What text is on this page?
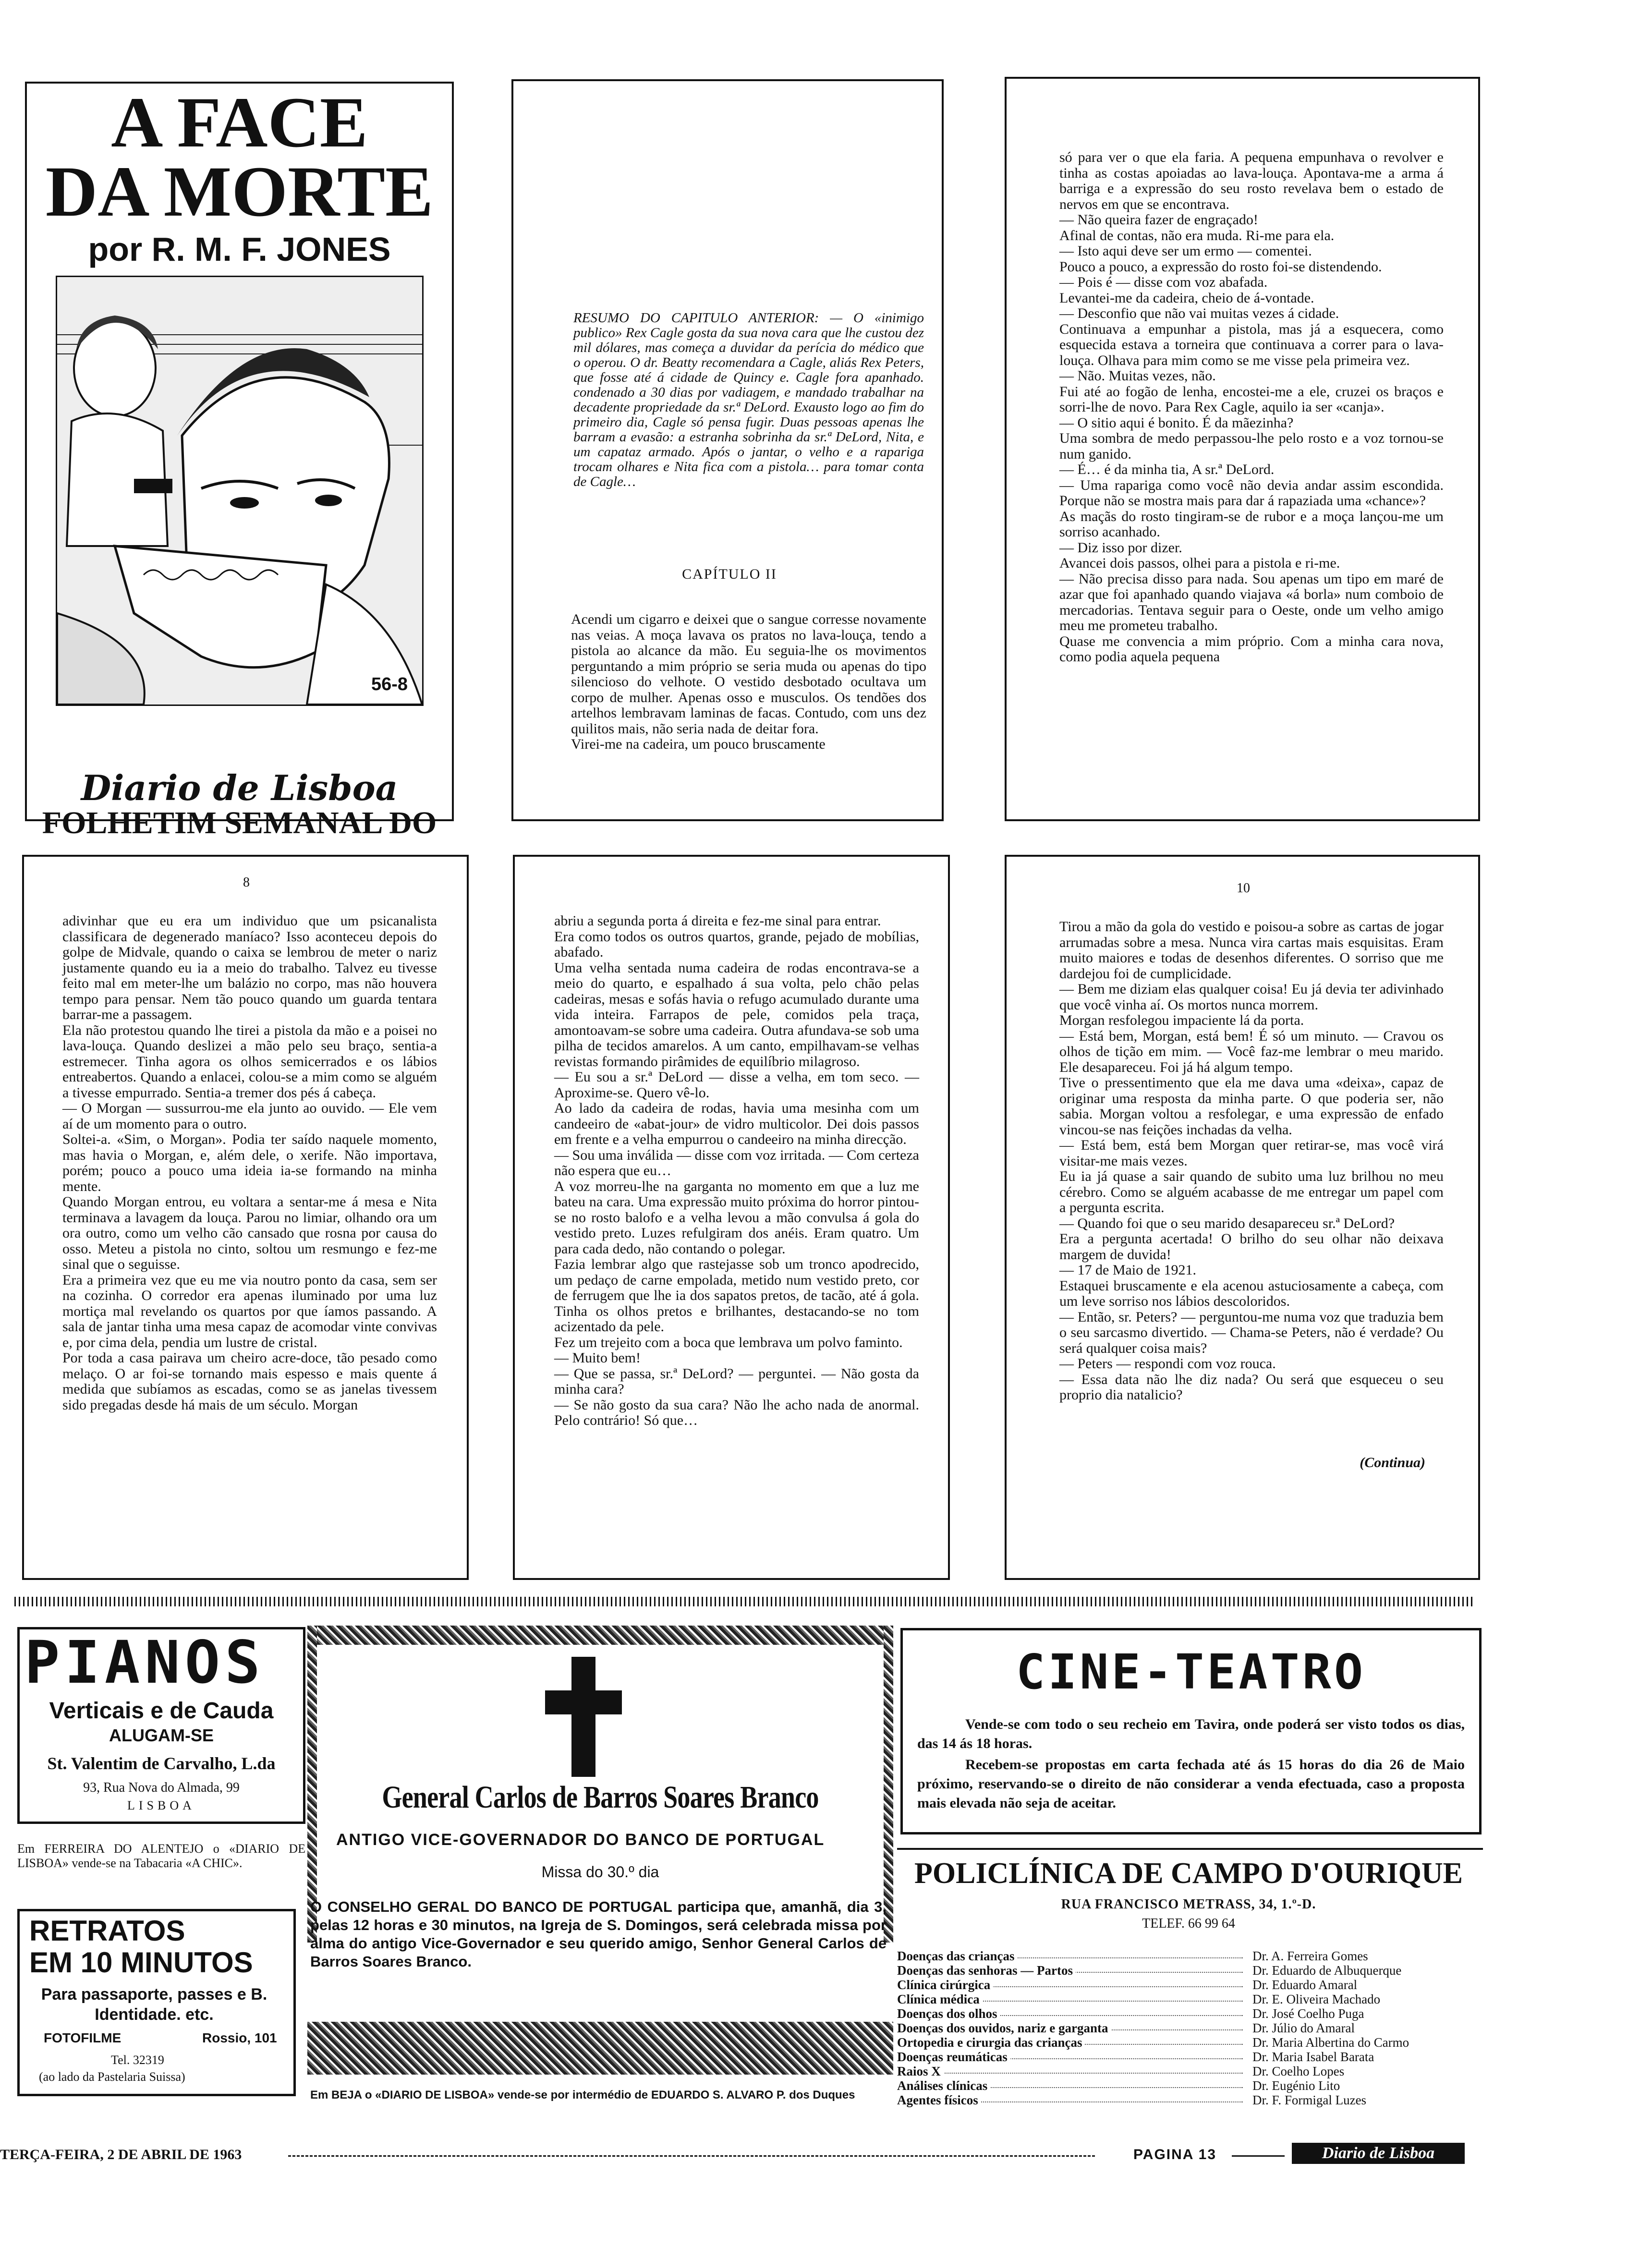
A FACE
DA MORTE
por R. M. F. JONES
56-8
FOLHETIM SEMANAL DO
Diario de Lisboa
RESUMO DO CAPITULO ANTERIOR: — O «inimigo publico» Rex Cagle gosta da sua nova cara que lhe custou dez mil dólares, mas começa a duvidar da perícia do médico que o operou. O dr. Beatty recomendara a Cagle, aliás Rex Peters, que fosse até á cidade de Quincy e. Cagle fora apanhado. condenado a 30 dias por vadiagem, e mandado trabalhar na decadente propriedade da sr.ª DeLord. Exausto logo ao fim do primeiro dia, Cagle só pensa fugir. Duas pessoas apenas lhe barram a evasão: a estranha sobrinha da sr.ª DeLord, Nita, e um capataz armado. Após o jantar, o velho e a rapariga trocam olhares e Nita fica com a pistola… para tomar conta de Cagle…
CAPÍTULO II
Acendi um cigarro e deixei que o sangue corresse novamente nas veias. A moça lavava os pratos no lava-louça, tendo a pistola ao alcance da mão. Eu seguia-lhe os movimentos perguntando a mim próprio se seria muda ou apenas do tipo silencioso do velhote. O vestido desbotado ocultava um corpo de mulher. Apenas osso e musculos. Os tendões dos artelhos lembravam laminas de facas. Contudo, com uns dez quilitos mais, não seria nada de deitar fora.
Virei-me na cadeira, um pouco bruscamente
só para ver o que ela faria. A pequena empunhava o revolver e tinha as costas apoiadas ao lava-louça. Apontava-me a arma á barriga e a expressão do seu rosto revelava bem o estado de nervos em que se encontrava.
— Não queira fazer de engraçado!
Afinal de contas, não era muda. Ri-me para ela.
— Isto aqui deve ser um ermo — comentei.
Pouco a pouco, a expressão do rosto foi-se distendendo.
— Pois é — disse com voz abafada.
Levantei-me da cadeira, cheio de á-vontade.
— Desconfio que não vai muitas vezes á cidade.
Continuava a empunhar a pistola, mas já a esquecera, como esquecida estava a torneira que continuava a correr para o lava-louça. Olhava para mim como se me visse pela primeira vez.
— Não. Muitas vezes, não.
Fui até ao fogão de lenha, encostei-me a ele, cruzei os braços e sorri-lhe de novo. Para Rex Cagle, aquilo ia ser «canja».
— O sitio aqui é bonito. É da mãezinha?
Uma sombra de medo perpassou-lhe pelo rosto e a voz tornou-se num ganido.
— É… é da minha tia, A sr.ª DeLord.
— Uma rapariga como você não devia andar assim escondida. Porque não se mostra mais para dar á rapaziada uma «chance»?
As maçãs do rosto tingiram-se de rubor e a moça lançou-me um sorriso acanhado.
— Diz isso por dizer.
Avancei dois passos, olhei para a pistola e ri-me.
— Não precisa disso para nada. Sou apenas um tipo em maré de azar que foi apanhado quando viajava «á borla» num comboio de mercadorias. Tentava seguir para o Oeste, onde um velho amigo meu me prometeu trabalho.
Quase me convencia a mim próprio. Com a minha cara nova, como podia aquela pequena
8
adivinhar que eu era um individuo que um psicanalista classificara de degenerado maníaco? Isso aconteceu depois do golpe de Midvale, quando o caixa se lembrou de meter o nariz justamente quando eu ia a meio do trabalho. Talvez eu tivesse feito mal em meter-lhe um balázio no corpo, mas não houvera tempo para pensar. Nem tão pouco quando um guarda tentara barrar-me a passagem.
Ela não protestou quando lhe tirei a pistola da mão e a poisei no lava-louça. Quando deslizei a mão pelo seu braço, sentia-a estremecer. Tinha agora os olhos semicerrados e os lábios entreabertos. Quando a enlacei, colou-se a mim como se alguém a tivesse empurrado. Sentia-a tremer dos pés á cabeça.
— O Morgan — sussurrou-me ela junto ao ouvido. — Ele vem aí de um momento para o outro.
Soltei-a. «Sim, o Morgan». Podia ter saído naquele momento, mas havia o Morgan, e, além dele, o xerife. Não importava, porém; pouco a pouco uma ideia ia-se formando na minha mente.
Quando Morgan entrou, eu voltara a sentar-me á mesa e Nita terminava a lavagem da louça. Parou no limiar, olhando ora um ora outro, como um velho cão cansado que rosna por causa do osso. Meteu a pistola no cinto, soltou um resmungo e fez-me sinal que o seguisse.
Era a primeira vez que eu me via noutro ponto da casa, sem ser na cozinha. O corredor era apenas iluminado por uma luz mortiça mal revelando os quartos por que íamos passando. A sala de jantar tinha uma mesa capaz de acomodar vinte convivas e, por cima dela, pendia um lustre de cristal.
Por toda a casa pairava um cheiro acre-doce, tão pesado como melaço. O ar foi-se tornando mais espesso e mais quente á medida que subíamos as escadas, como se as janelas tivessem sido pregadas desde há mais de um século. Morgan
abriu a segunda porta á direita e fez-me sinal para entrar.
Era como todos os outros quartos, grande, pejado de mobílias, abafado.
Uma velha sentada numa cadeira de rodas encontrava-se a meio do quarto, e espalhado á sua volta, pelo chão pelas cadeiras, mesas e sofás havia o refugo acumulado durante uma vida inteira. Farrapos de pele, comidos pela traça, amontoavam-se sobre uma cadeira. Outra afundava-se sob uma pilha de tecidos amarelos. A um canto, empilhavam-se velhas revistas formando pirâmides de equilíbrio milagroso.
— Eu sou a sr.ª DeLord — disse a velha, em tom seco. — Aproxime-se. Quero vê-lo.
Ao lado da cadeira de rodas, havia uma mesinha com um candeeiro de «abat-jour» de vidro multicolor. Dei dois passos em frente e a velha empurrou o candeeiro na minha direcção.
— Sou uma inválida — disse com voz irritada. — Com certeza não espera que eu…
A voz morreu-lhe na garganta no momento em que a luz me bateu na cara. Uma expressão muito próxima do horror pintou-se no rosto balofo e a velha levou a mão convulsa á gola do vestido preto. Luzes refulgiram dos anéis. Eram quatro. Um para cada dedo, não contando o polegar.
Fazia lembrar algo que rastejasse sob um tronco apodrecido, um pedaço de carne empolada, metido num vestido preto, cor de ferrugem que lhe ia dos sapatos pretos, de tacão, até á gola. Tinha os olhos pretos e brilhantes, destacando-se no tom acizentado da pele.
Fez um trejeito com a boca que lembrava um polvo faminto.
— Muito bem!
— Que se passa, sr.ª DeLord? — perguntei. — Não gosta da minha cara?
— Se não gosto da sua cara? Não lhe acho nada de anormal. Pelo contrário! Só que…
10
Tirou a mão da gola do vestido e poisou-a sobre as cartas de jogar arrumadas sobre a mesa. Nunca vira cartas mais esquisitas. Eram muito maiores e todas de desenhos diferentes. O sorriso que me dardejou foi de cumplicidade.
— Bem me diziam elas qualquer coisa! Eu já devia ter adivinhado que você vinha aí. Os mortos nunca morrem.
Morgan resfolegou impaciente lá da porta.
— Está bem, Morgan, está bem! É só um minuto. — Cravou os olhos de tição em mim. — Você faz-me lembrar o meu marido. Ele desapareceu. Foi já há algum tempo.
Tive o pressentimento que ela me dava uma «deixa», capaz de originar uma resposta da minha parte. O que poderia ser, não sabia. Morgan voltou a resfolegar, e uma expressão de enfado vincou-se nas feições inchadas da velha.
— Está bem, está bem Morgan quer retirar-se, mas você virá visitar-me mais vezes.
Eu ia já quase a sair quando de subito uma luz brilhou no meu cérebro. Como se alguém acabasse de me entregar um papel com a pergunta escrita.
— Quando foi que o seu marido desapareceu sr.ª DeLord?
Era a pergunta acertada! O brilho do seu olhar não deixava margem de duvida!
— 17 de Maio de 1921.
Estaquei bruscamente e ela acenou astuciosamente a cabeça, com um leve sorriso nos lábios descoloridos.
— Então, sr. Peters? — perguntou-me numa voz que traduzia bem o seu sarcasmo divertido. — Chama-se Peters, não é verdade? Ou será qualquer coisa mais?
— Peters — respondi com voz rouca.
— Essa data não lhe diz nada? Ou será que esqueceu o seu proprio dia natalicio?
(Continua)
PIANOS
Verticais e de Cauda
ALUGAM-SE
St. Valentim de Carvalho, L.da
93, Rua Nova do Almada, 99
LISBOA
Em FERREIRA DO ALENTEJO o «DIARIO DE LISBOA» vende-se na Tabacaria «A CHIC».
RETRATOS
EM 10 MINUTOS
Para passaporte, passes e B. Identidade. etc.
FOTOFILME	Rossio, 101
Tel. 32319
(ao lado da Pastelaria Suissa)
General Carlos de Barros Soares Branco
ANTIGO VICE-GOVERNADOR DO BANCO DE PORTUGAL
Missa do 30.º dia
O CONSELHO GERAL DO BANCO DE PORTUGAL participa que, amanhã, dia 3, pelas 12 horas e 30 minutos, na Igreja de S. Domingos, será celebrada missa por alma do antigo Vice-Governador e seu querido amigo, Senhor General Carlos de Barros Soares Branco.
Em BEJA o «DIARIO DE LISBOA» vende-se por intermédio de EDUARDO S. ALVARO P. dos Duques
CINE-TEATRO
Vende-se com todo o seu recheio em Tavira, onde poderá ser visto todos os dias, das 14 ás 18 horas.
Recebem-se propostas em carta fechada até ás 15 horas do dia 26 de Maio próximo, reservando-se o direito de não considerar a venda efectuada, caso a proposta mais elevada não seja de aceitar.
POLICLÍNICA DE CAMPO D'OURIQUE
RUA FRANCISCO METRASS, 34, 1.º-D.
TELEF. 66 99 64
Doenças das crianças	Dr. A. Ferreira Gomes
Doenças das senhoras — Partos	Dr. Eduardo de Albuquerque
Clínica cirúrgica	Dr. Eduardo Amaral
Clínica médica	Dr. E. Oliveira Machado
Doenças dos olhos	Dr. José Coelho Puga
Doenças dos ouvidos, nariz e garganta	Dr. Júlio do Amaral
Ortopedia e cirurgia das crianças	Dr. Maria Albertina do Carmo
Doenças reumáticas	Dr. Maria Isabel Barata
Raios X	Dr. Coelho Lopes
Análises clínicas	Dr. Eugénio Lito
Agentes físicos	Dr. F. Formigal Luzes
TERÇA-FEIRA, 2 DE ABRIL DE 1963	PAGINA 13	Diario de Lisboa
